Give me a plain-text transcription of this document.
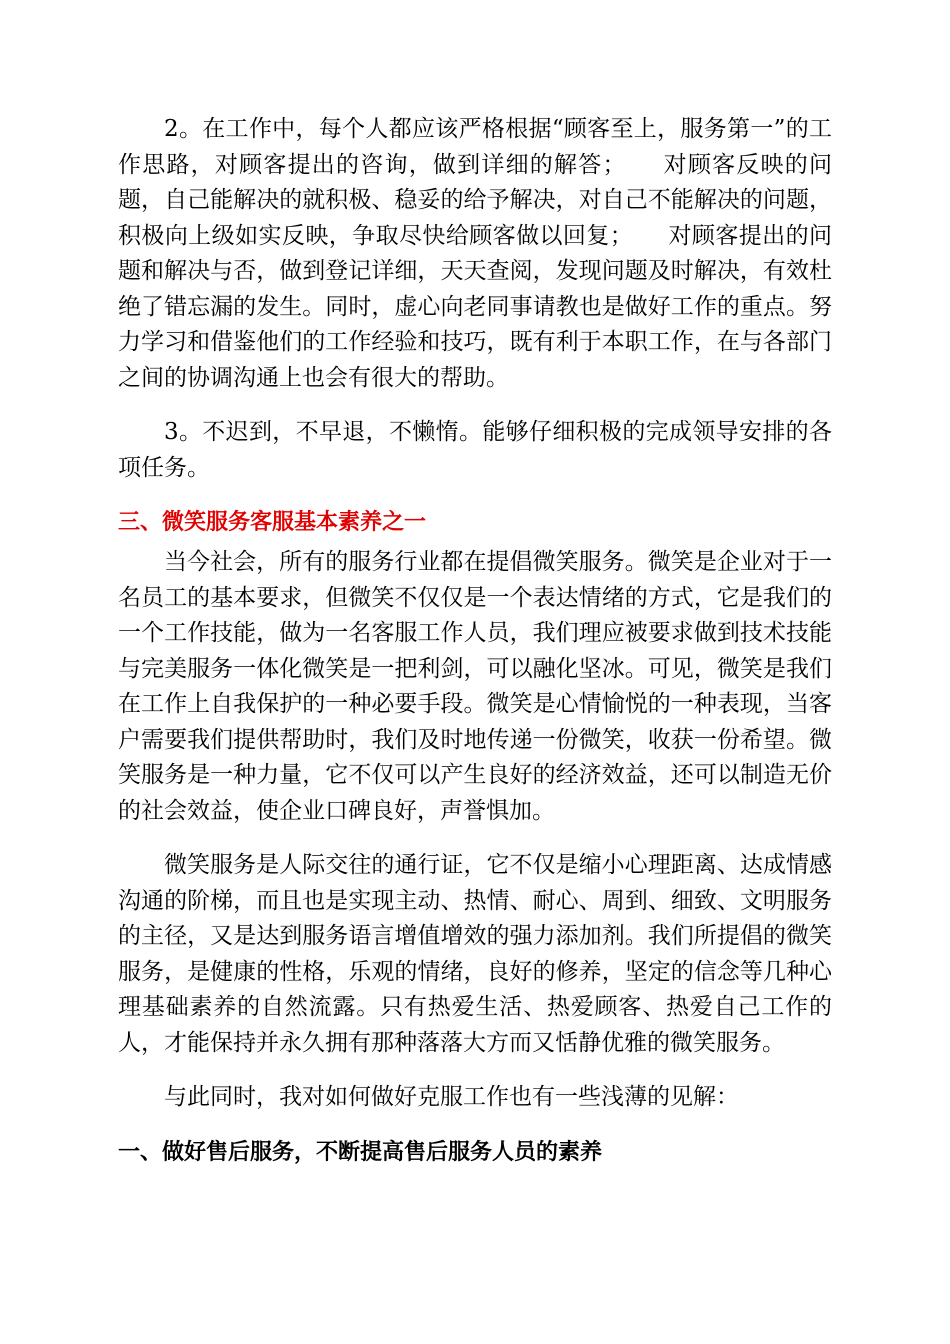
2。在工作中，每个人都应该严格根据“顾客至上，服务第一”的工作思路，对顾客提出的咨询，做到详细的解答；　　对顾客反映的问题，自己能解决的就积极、稳妥的给予解决，对自己不能解决的问题，积极向上级如实反映，争取尽快给顾客做以回复；　　对顾客提出的问题和解决与否，做到登记详细，天天查阅，发现问题及时解决，有效杜绝了错忘漏的发生。同时，虚心向老同事请教也是做好工作的重点。努力学习和借鉴他们的工作经验和技巧，既有利于本职工作，在与各部门之间的协调沟通上也会有很大的帮助。

3。不迟到，不早退，不懒惰。能够仔细积极的完成领导安排的各项任务。

三、微笑服务客服基本素养之一

当今社会，所有的服务行业都在提倡微笑服务。微笑是企业对于一名员工的基本要求，但微笑不仅仅是一个表达情绪的方式，它是我们的一个工作技能，做为一名客服工作人员，我们理应被要求做到技术技能与完美服务一体化微笑是一把利剑，可以融化坚冰。可见，微笑是我们在工作上自我保护的一种必要手段。微笑是心情愉悦的一种表现，当客户需要我们提供帮助时，我们及时地传递一份微笑，收获一份希望。微笑服务是一种力量，它不仅可以产生良好的经济效益，还可以制造无价的社会效益，使企业口碑良好，声誉惧加。

微笑服务是人际交往的通行证，它不仅是缩小心理距离、达成情感沟通的阶梯，而且也是实现主动、热情、耐心、周到、细致、文明服务的主径，又是达到服务语言增值增效的强力添加剂。我们所提倡的微笑服务，是健康的性格，乐观的情绪，良好的修养，坚定的信念等几种心理基础素养的自然流露。只有热爱生活、热爱顾客、热爱自己工作的人，才能保持并永久拥有那种落落大方而又恬静优雅的微笑服务。

与此同时，我对如何做好克服工作也有一些浅薄的见解：

一、做好售后服务，不断提高售后服务人员的素养
